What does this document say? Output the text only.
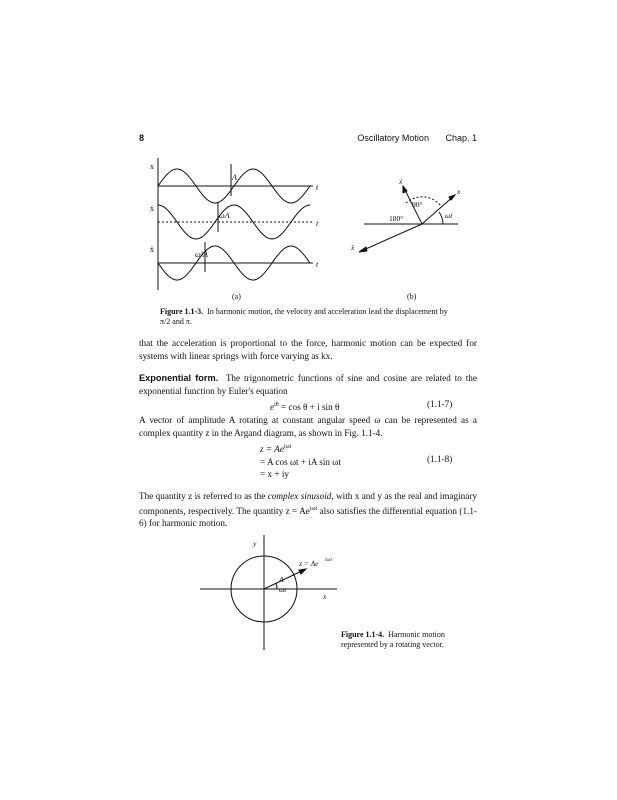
8	Oscillatory Motion Chap. 1
x
ẋ
ẍ
t
t
t
A
ωA
ω²A
(a)
x
ẋ
ẍ
90°
180°	ωt
(b)
Figure 1.1-3. In harmonic motion, the velocity and acceleration lead the displacement by π/2 and π.
that the acceleration is proportional to the force, harmonic motion can be expected for systems with linear springs with force varying as kx.
Exponential form. The trigonometric functions of sine and cosine are related to the exponential function by Euler's equation
$e^{i\theta} = \cos \theta + i$ sin θ	(1.1-7)
A vector of amplitude A rotating at constant angular speed ω can be represented as a complex quantity z in the Argand diagram, as shown in Fig. 1.1-4.
$z = Ae^{i\omega t}$
= A cos ωt + iA sin ωt
= x + iy
(1.1-8)
The quantity z is referred to as the complex sinusoid, with x and y as the real and imaginary components, respectively. The quantity $z = Ae^{i\omega t}$ also satisfies the differential equation (1.1-6) for harmonic motion.
y
x
A
ωt
z = Ae iωt
Figure 1.1-4. Harmonic motion represented by a rotating vector.
